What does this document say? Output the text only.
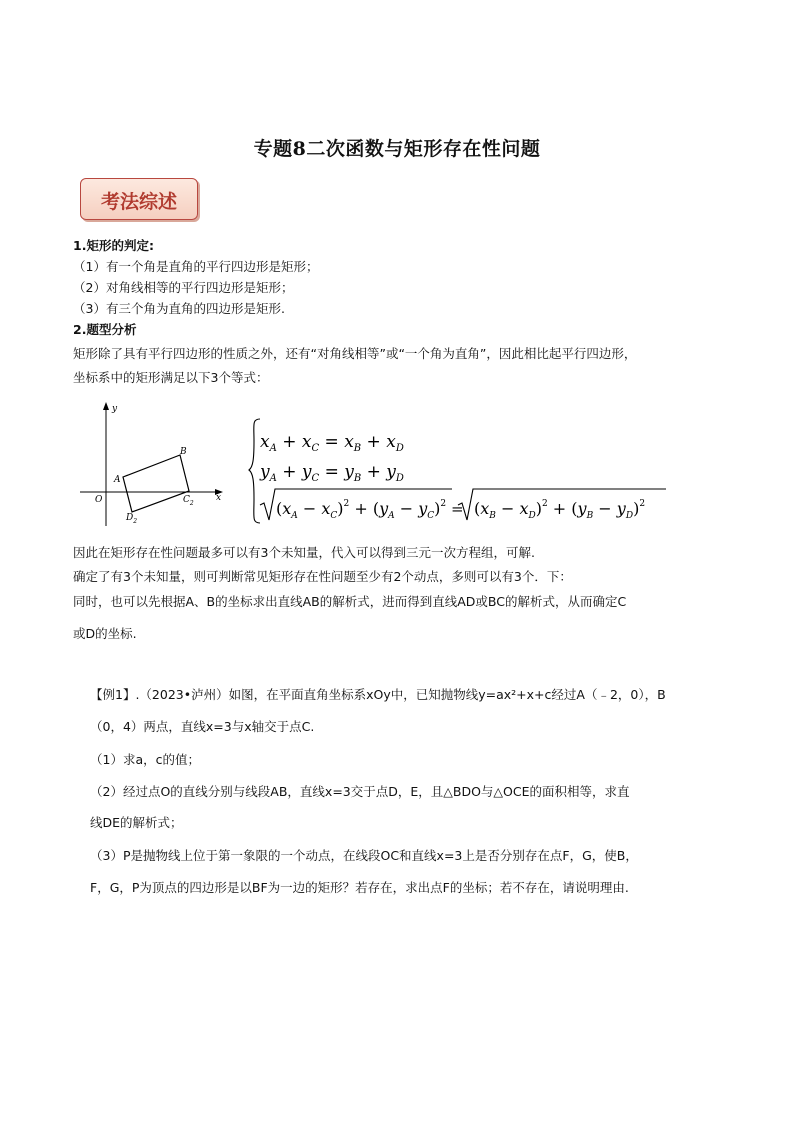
专题8二次函数与矩形存在性问题
考法综述
1.矩形的判定:
（1）有一个角是直角的平行四边形是矩形；
（2）对角线相等的平行四边形是矩形；
（3）有三个角为直角的四边形是矩形.
2.题型分析
矩形除了具有平行四边形的性质之外，还有“对角线相等”或“一个角为直角”，因此相比起平行四边形，
坐标系中的矩形满足以下3个等式：
y
x
O
A
B
$C_2$
$D_2$
$x_A + x_C = x_B + x_D$
$y_A + y_C = y_B + y_D$
$(x_A - x_C)^2 + (y_A - y_C)^2 = (x_B - x_D)^2 + (y_B - y_D)^2$
因此在矩形存在性问题最多可以有3个未知量，代入可以得到三元一次方程组，可解.
确定了有3个未知量，则可判断常见矩形存在性问题至少有2个动点，多则可以有3个．下：
同时，也可以先根据A、B的坐标求出直线AB的解析式，进而得到直线AD或BC的解析式，从而确定C
或D的坐标.
【例1】.（2023•泸州）如图，在平面直角坐标系xOy中，已知抛物线y=ax²+x+c经过A（﹣2，0），B
（0，4）两点，直线x=3与x轴交于点C.
（1）求a，c的值；
（2）经过点O的直线分别与线段AB，直线x=3交于点D，E，且△BDO与△OCE的面积相等，求直
线DE的解析式；
（3）P是抛物线上位于第一象限的一个动点，在线段OC和直线x=3上是否分别存在点F，G，使B，
F，G，P为顶点的四边形是以BF为一边的矩形？若存在，求出点F的坐标；若不存在，请说明理由.
